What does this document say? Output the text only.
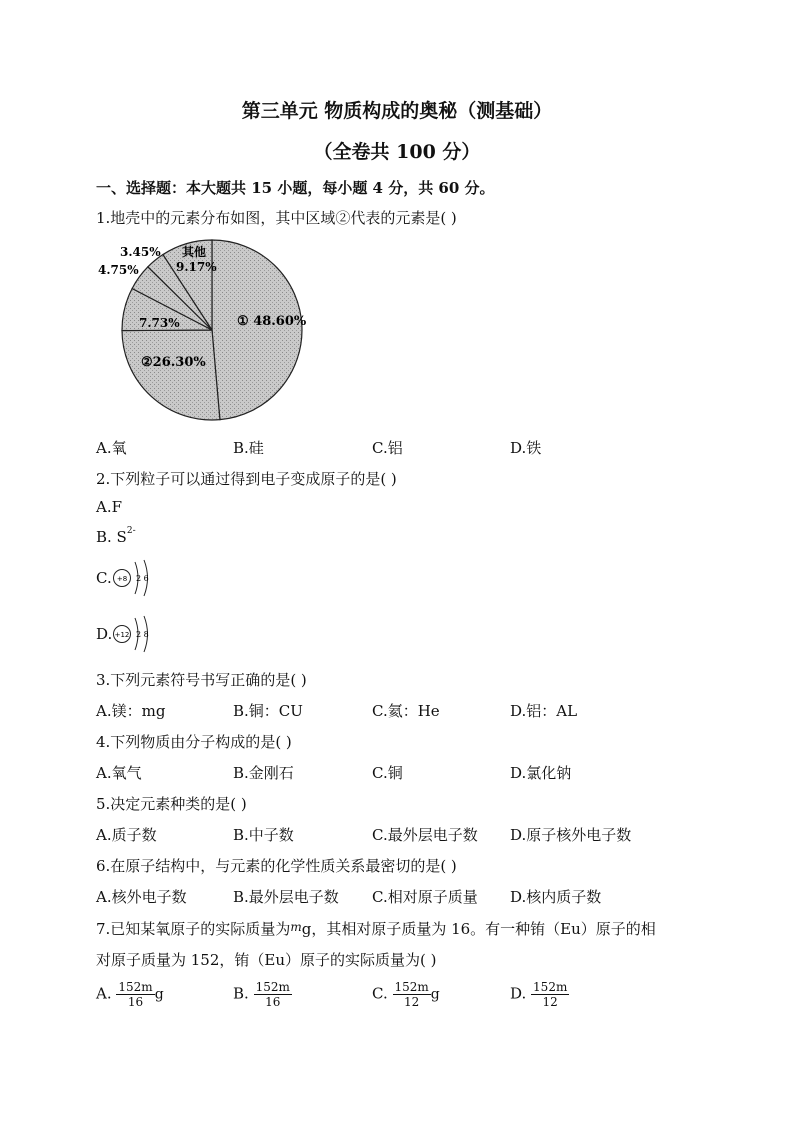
第三单元 物质构成的奥秘（测基础）
（全卷共 100 分）
一、选择题：本大题共 15 小题，每小题 4 分，共 60 分。
1.地壳中的元素分布如图，其中区域②代表的元素是( )
① 48.60%
②26.30%
7.73%
4.75%
3.45% 其他
9.17%
A.氧	B.硅	C.铝	D.铁
2.下列粒子可以通过得到电子变成原子的是( )
A.F
B. $S^{2-}$
C. +8 2 6
D. +12 2 8
3.下列元素符号书写正确的是( )
A.镁：mg	B.铜：CU	C.氦：He	D.铝：AL
4.下列物质由分子构成的是( )
A.氧气	B.金刚石	C.铜	D.氯化钠
5.决定元素种类的是( )
A.质子数	B.中子数	C.最外层电子数 D.原子核外电子数
6.在原子结构中，与元素的化学性质关系最密切的是( )
A.核外电子数	B.最外层电子数 C.相对原子质量 D.核内质子数
7.已知某氧原子的实际质量为$^m$g，其相对原子质量为 16。有一种铕（Eu）原子的相
对原子质量为 152，铕（Eu）原子的实际质量为( )
A. $\frac{152m}{16}$ g	B. $\frac{152m}{16}$	C. $\frac{152m}{12}$ g	D. $\frac{152m}{12}$
